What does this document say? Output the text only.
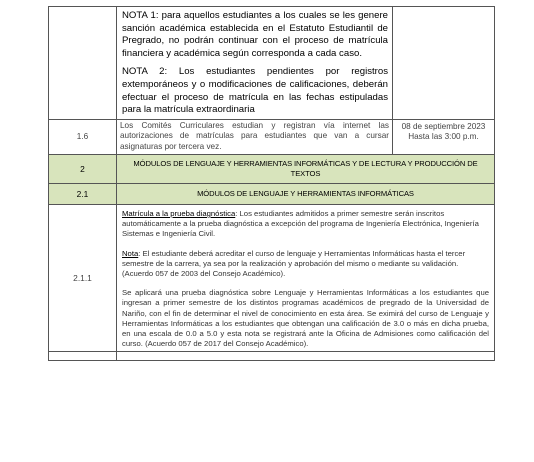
	NOTA 1: para aquellos estudiantes a los cuales se les genere sanción académica establecida en el Estatuto Estudiantil de Pregrado, no podrán continuar con el proceso de matrícula financiera y académica según corresponda a cada caso.

NOTA 2: Los estudiantes pendientes por registros extemporáneos y o modificaciones de calificaciones, deberán efectuar el proceso de matrícula en las fechas estipuladas para la matrícula extraordinaria	

1.6	Los Comités Curriculares estudian y registran vía internet las autorizaciones de matrículas para estudiantes que van a cursar asignaturas por tercera vez.	08 de septiembre 2023 Hasta las 3:00 p.m.
2	MÓDULOS DE LENGUAJE Y HERRAMIENTAS INFORMÁTICAS Y DE LECTURA Y PRODUCCIÓN DE TEXTOS	
2.1	MÓDULOS DE LENGUAJE Y HERRAMIENTAS INFORMÁTICAS	
2.1.1	Matrícula a la prueba diagnóstica: Los estudiantes admitidos a primer semestre serán inscritos automáticamente a la prueba diagnóstica a excepción del programa de Ingeniería Electrónica, Ingeniería Sistemas e Ingeniería Civil.

Nota: El estudiante deberá acreditar el curso de lenguaje y Herramientas Informáticas hasta el tercer semestre de la carrera, ya sea por la realización y aprobación del mismo o mediante su validación. (Acuerdo 057 de 2003 del Consejo Académico).

Se aplicará una prueba diagnóstica sobre Lenguaje y Herramientas Informáticas a los estudiantes que ingresan a primer semestre de los distintos programas académicos de pregrado de la Universidad de Nariño, con el fin de determinar el nivel de conocimiento en esta área. Se eximirá del curso de Lenguaje y Herramientas Informáticas a los estudiantes que obtengan una calificación de 3.0 o más en dicha prueba, en una escala de 0.0 a 5.0 y esta nota se registrará ante la Oficina de Admisiones como calificación del curso. (Acuerdo 057 de 2017 del Consejo Académico).	
